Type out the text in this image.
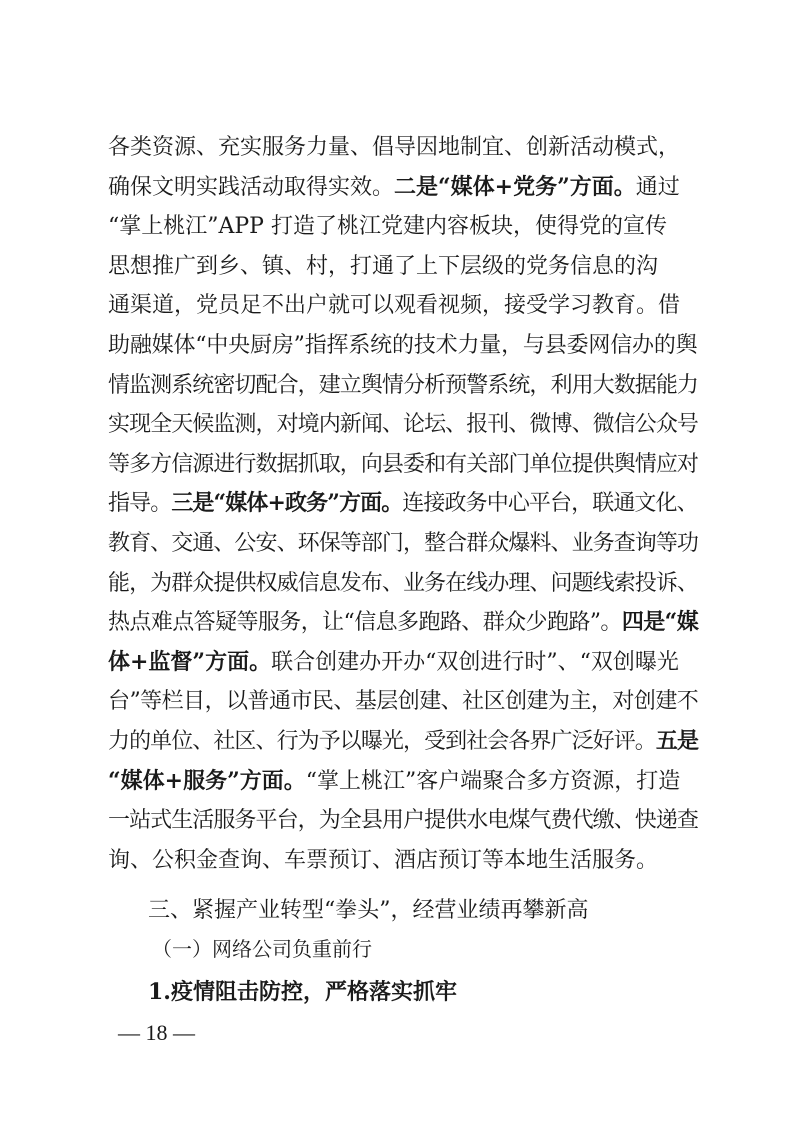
各类资源、充实服务力量、倡导因地制宜、创新活动模式，
确保文明实践活动取得实效。二是“媒体+党务”方面。通过
“掌上桃江”APP 打造了桃江党建内容板块，使得党的宣传
思想推广到乡、镇、村，打通了上下层级的党务信息的沟
通渠道，党员足不出户就可以观看视频，接受学习教育。借
助融媒体“中央厨房”指挥系统的技术力量，与县委网信办的舆
情监测系统密切配合，建立舆情分析预警系统，利用大数据能力
实现全天候监测，对境内新闻、论坛、报刊、微博、微信公众号
等多方信源进行数据抓取，向县委和有关部门单位提供舆情应对
指导。三是“媒体+政务”方面。连接政务中心平台，联通文化、
教育、交通、公安、环保等部门，整合群众爆料、业务查询等功
能，为群众提供权威信息发布、业务在线办理、问题线索投诉、
热点难点答疑等服务，让“信息多跑路、群众少跑路”。四是“媒
体+监督”方面。联合创建办开办“双创进行时”、“双创曝光
台”等栏目，以普通市民、基层创建、社区创建为主，对创建不
力的单位、社区、行为予以曝光，受到社会各界广泛好评。五是
“媒体+服务”方面。“掌上桃江”客户端聚合多方资源，打造
一站式生活服务平台，为全县用户提供水电煤气费代缴、快递查
询、公积金查询、车票预订、酒店预订等本地生活服务。
三、紧握产业转型“拳头”，经营业绩再攀新高
（一）网络公司负重前行
1.疫情阻击防控，严格落实抓牢
— 18 —
